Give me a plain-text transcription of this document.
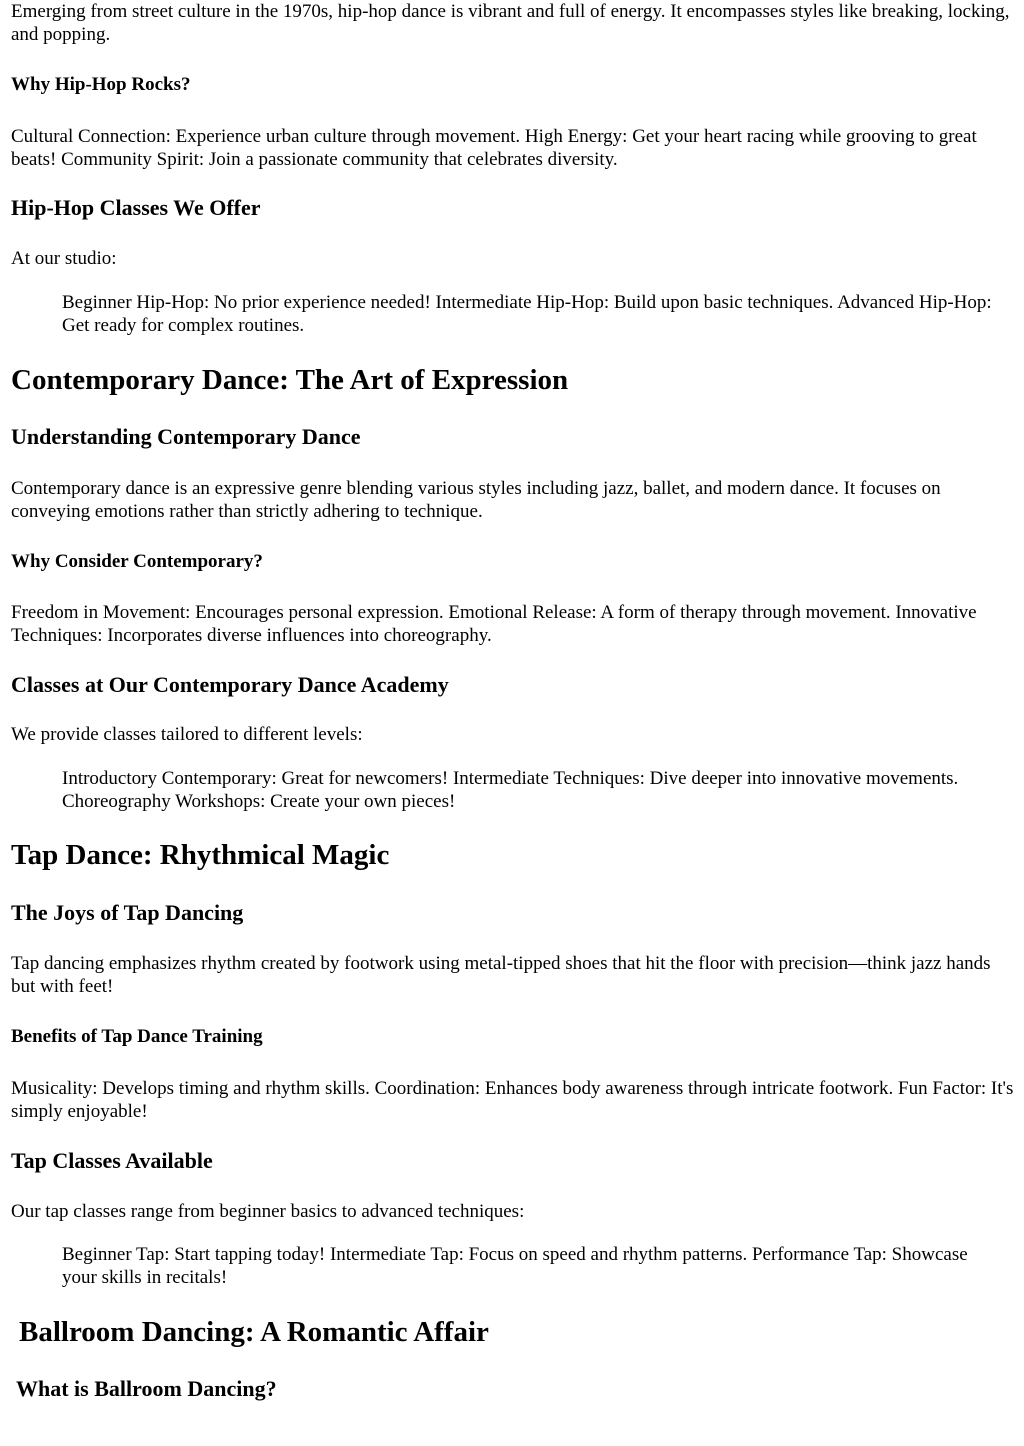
Emerging from street culture in the 1970s, hip-hop dance is vibrant and full of energy. It encompasses styles like breaking, locking, and popping.

Why Hip-Hop Rocks?

Cultural Connection: Experience urban culture through movement. High Energy: Get your heart racing while grooving to great beats! Community Spirit: Join a passionate community that celebrates diversity.

Hip-Hop Classes We Offer

At our studio:

Beginner Hip-Hop: No prior experience needed! Intermediate Hip-Hop: Build upon basic techniques. Advanced Hip-Hop: Get ready for complex routines.
Contemporary Dance: The Art of Expression
Understanding Contemporary Dance

Contemporary dance is an expressive genre blending various styles including jazz, ballet, and modern dance. It focuses on conveying emotions rather than strictly adhering to technique.

Why Consider Contemporary?

Freedom in Movement: Encourages personal expression. Emotional Release: A form of therapy through movement. Innovative Techniques: Incorporates diverse influences into choreography.

Classes at Our Contemporary Dance Academy

We provide classes tailored to different levels:

Introductory Contemporary: Great for newcomers! Intermediate Techniques: Dive deeper into innovative movements. Choreography Workshops: Create your own pieces!
Tap Dance: Rhythmical Magic
The Joys of Tap Dancing

Tap dancing emphasizes rhythm created by footwork using metal-tipped shoes that hit the floor with precision—think jazz hands but with feet!

Benefits of Tap Dance Training

Musicality: Develops timing and rhythm skills. Coordination: Enhances body awareness through intricate footwork. Fun Factor: It's simply enjoyable!

Tap Classes Available

Our tap classes range from beginner basics to advanced techniques:

Beginner Tap: Start tapping today! Intermediate Tap: Focus on speed and rhythm patterns. Performance Tap: Showcase your skills in recitals!
Ballroom Dancing: A Romantic Affair
What is Ballroom Dancing?
